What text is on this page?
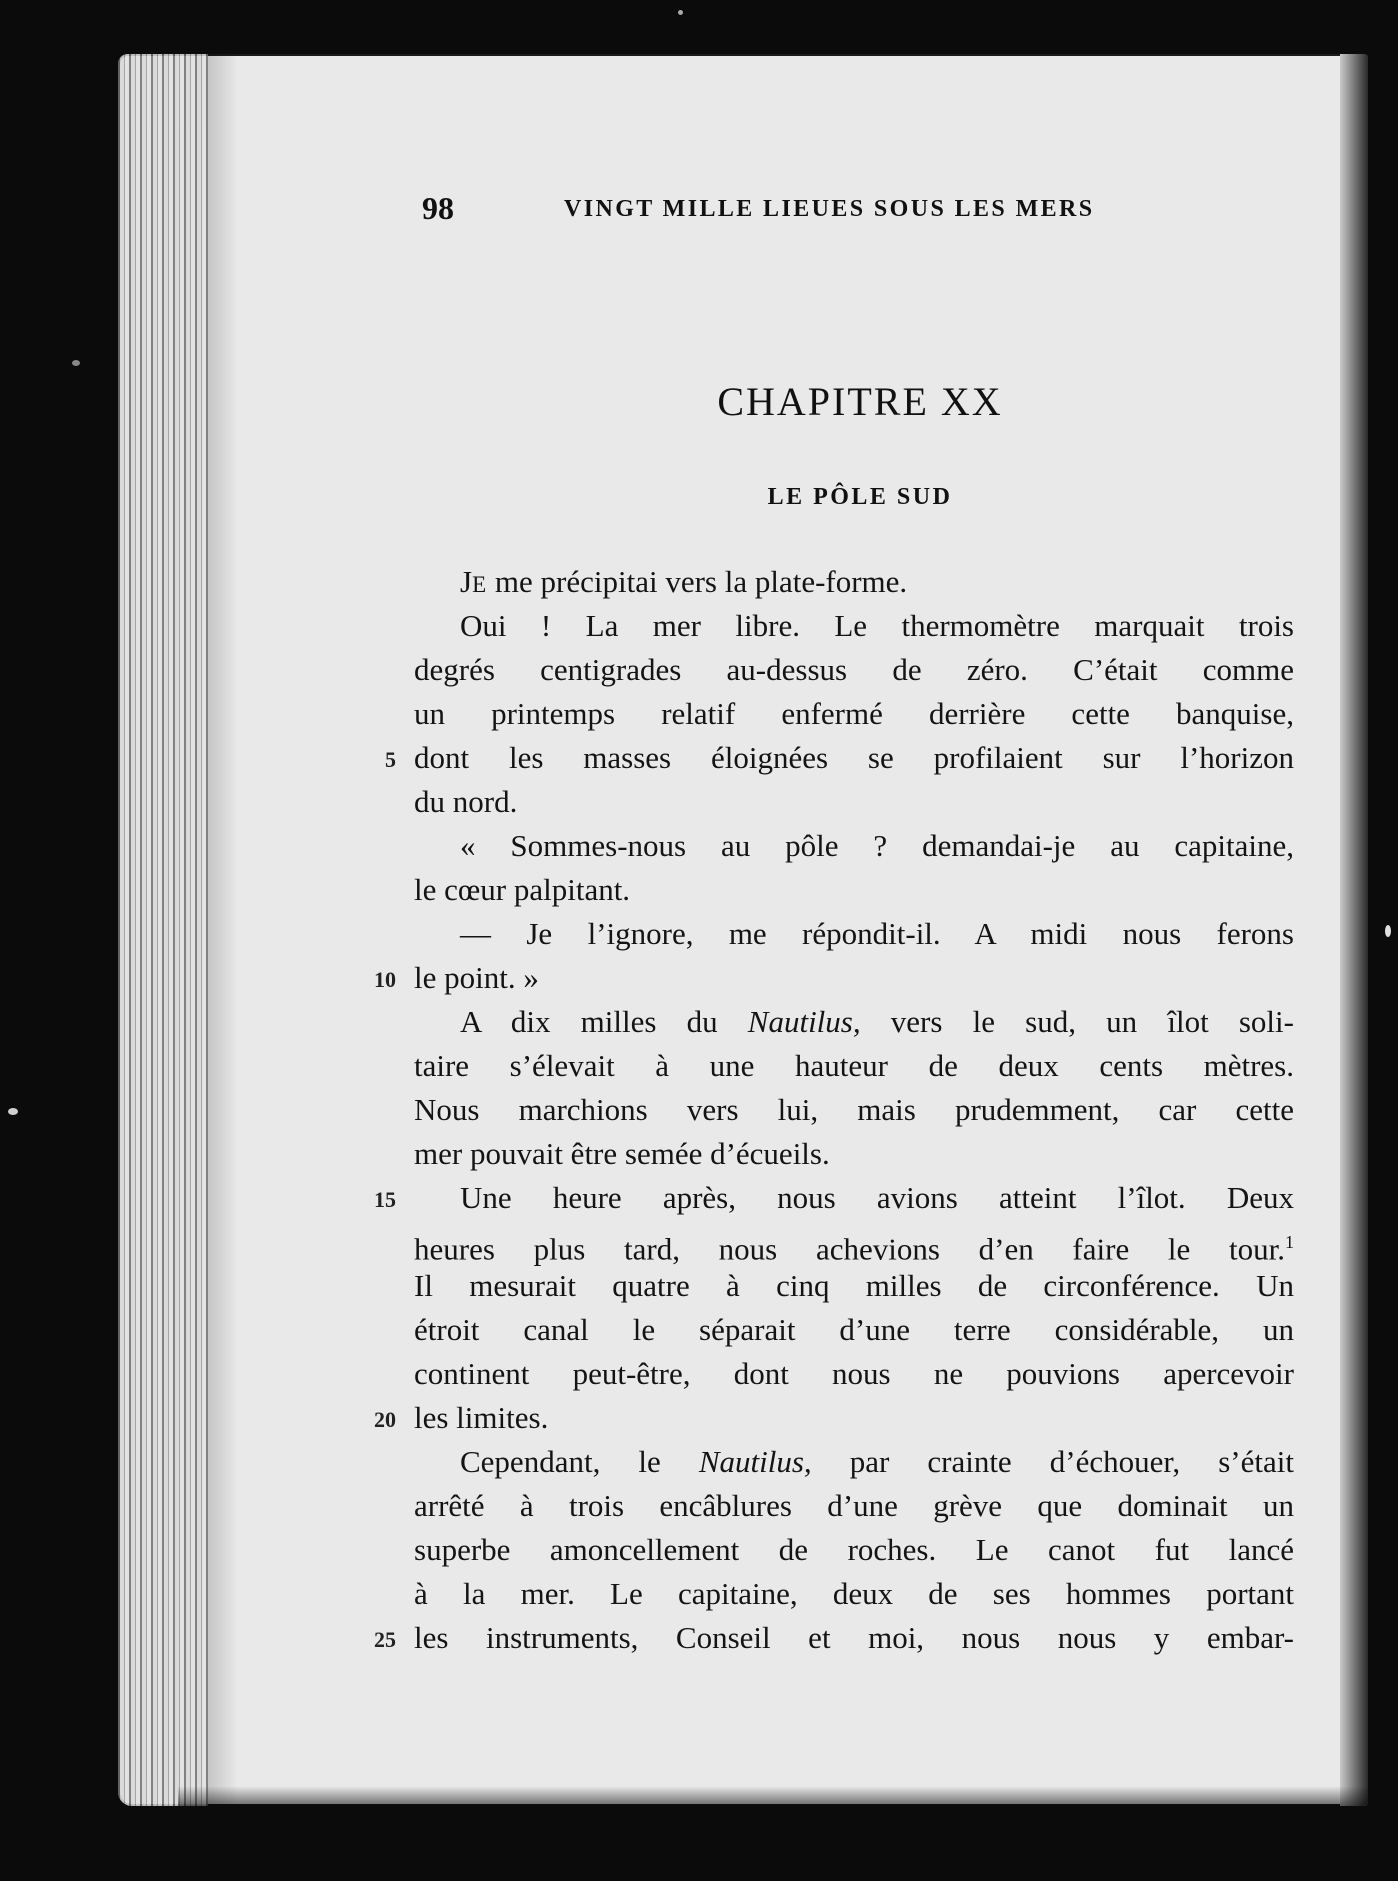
98	VINGT MILLE LIEUES SOUS LES MERS
CHAPITRE XX
LE PÔLE SUD
JE me précipitai vers la plate-forme.
Oui ! La mer libre. Le thermomètre marquait trois
degrés centigrades au-dessus de zéro. C’était comme
un printemps relatif enfermé derrière cette banquise,
5 dont les masses éloignées se profilaient sur l’horizon
du nord.
« Sommes-nous au pôle ? demandai-je au capitaine,
le cœur palpitant.
— Je l’ignore, me répondit-il. A midi nous ferons
10 le point. »
A dix milles du Nautilus, vers le sud, un îlot soli-
taire s’élevait à une hauteur de deux cents mètres.
Nous marchions vers lui, mais prudemment, car cette
mer pouvait être semée d’écueils.
15	Une heure après, nous avions atteint l’îlot. Deux
heures plus tard, nous achevions d’en faire le tour.$^1$
Il mesurait quatre à cinq milles de circonférence. Un
étroit canal le séparait d’une terre considérable, un
continent peut-être, dont nous ne pouvions apercevoir
20 les limites.
Cependant, le Nautilus, par crainte d’échouer, s’était
arrêté à trois encâblures d’une grève que dominait un
superbe amoncellement de roches. Le canot fut lancé
à la mer. Le capitaine, deux de ses hommes portant
25 les instruments, Conseil et moi, nous nous y embar-
